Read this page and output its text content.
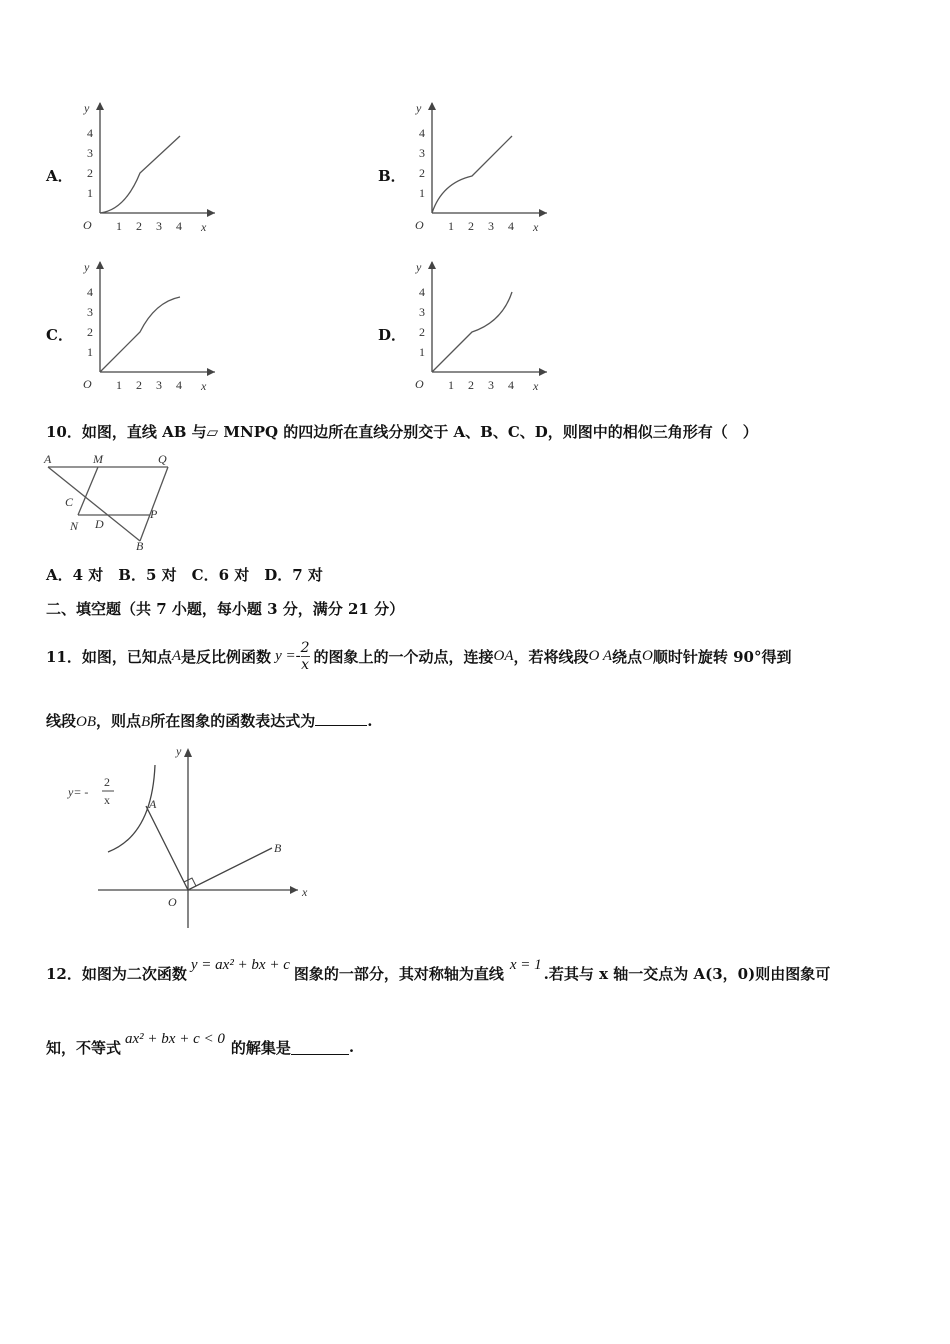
A．	B．
C．	D．
y
x
O 1 2 3 4
1
2
3
4
y
x
O 1 2 3 4
1
2
3
4
y
x
O 1 2 3 4
1
2
3
4
y
x
O 1 2 3 4
1
2
3
4
10．如图，直线 AB 与▱ MNPQ 的四边所在直线分别交于 A、B、C、D，则图中的相似三角形有（　）
A	M	Q
C
N D
P
B
A．4 对　B．5 对　C．6 对　D．7 对
二、填空题（共 7 小题，每小题 3 分，满分 21 分）
11．如图，已知点 A 是反比例函数 $y =- \frac{2}{x}$ 的图象上的一个动点，连接 OA ，若将线段 O A 绕点 O 顺时针旋转 90°得到
线段OB，则点B所在图象的函数表达式为	.
y
x
O
A
B
y= -
2
x
12．如图为二次函数 y = ax² + bx + c 图象的一部分，其对称轴为直线 x = 1 .若其与 x 轴一交点为 A(3，0)则由图象可
知，不等式 ax² + bx + c < 0 的解集是	.
